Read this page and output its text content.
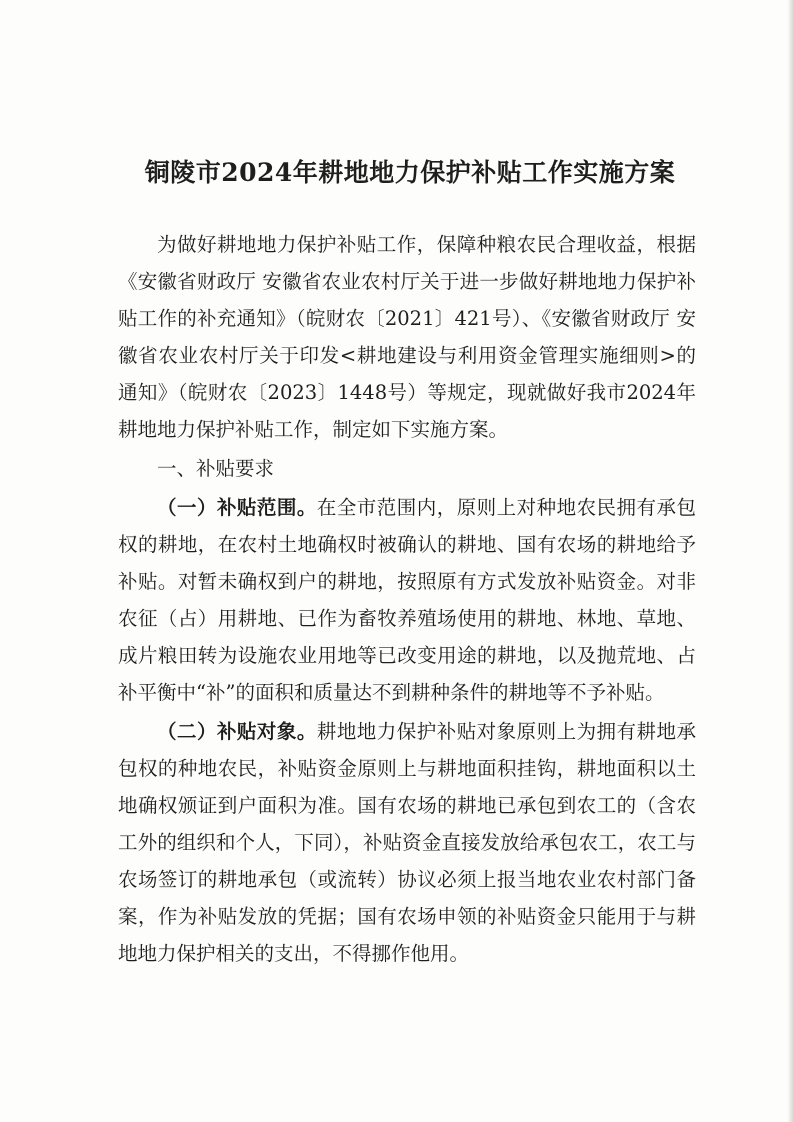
铜陵市2024年耕地地力保护补贴工作实施方案

为做好耕地地力保护补贴工作，保障种粮农民合理收益，根据《安徽省财政厅 安徽省农业农村厅关于进一步做好耕地地力保护补贴工作的补充通知》（皖财农〔2021〕421号）、《安徽省财政厅 安徽省农业农村厅关于印发<耕地建设与利用资金管理实施细则>的通知》（皖财农〔2023〕1448号）等规定，现就做好我市2024年耕地地力保护补贴工作，制定如下实施方案。

一、补贴要求

（一）补贴范围。在全市范围内，原则上对种地农民拥有承包权的耕地，在农村土地确权时被确认的耕地、国有农场的耕地给予补贴。对暂未确权到户的耕地，按照原有方式发放补贴资金。对非农征（占）用耕地、已作为畜牧养殖场使用的耕地、林地、草地、成片粮田转为设施农业用地等已改变用途的耕地，以及抛荒地、占补平衡中“补”的面积和质量达不到耕种条件的耕地等不予补贴。

（二）补贴对象。耕地地力保护补贴对象原则上为拥有耕地承包权的种地农民，补贴资金原则上与耕地面积挂钩，耕地面积以土地确权颁证到户面积为准。国有农场的耕地已承包到农工的（含农工外的组织和个人，下同），补贴资金直接发放给承包农工，农工与农场签订的耕地承包（或流转）协议必须上报当地农业农村部门备案，作为补贴发放的凭据；国有农场申领的补贴资金只能用于与耕地地力保护相关的支出，不得挪作他用。
